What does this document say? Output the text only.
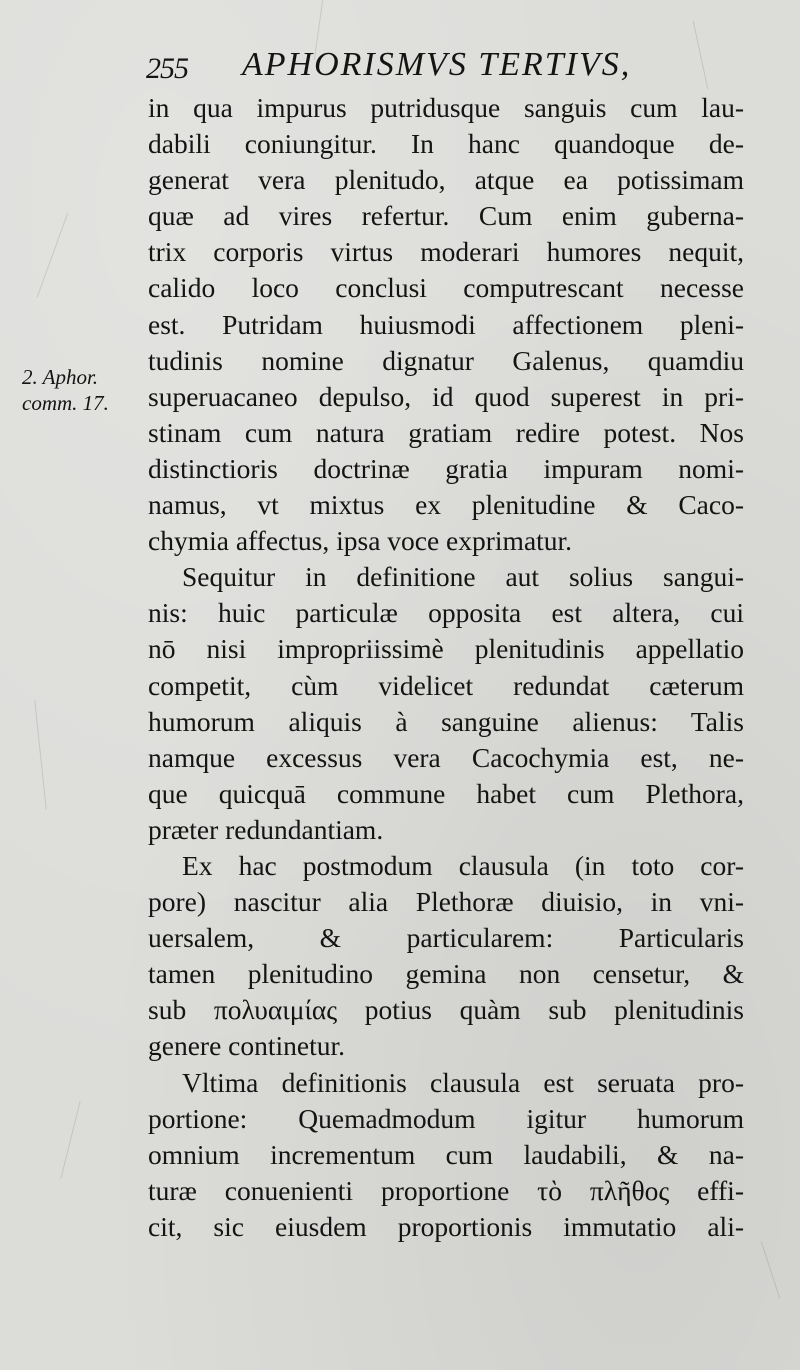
255 APHORISMVS TERTIVS,
2. Aphor.
comm. 17.
in qua impurus putridusque sanguis cum lau-
dabili coniungitur. In hanc quandoque de-
generat vera plenitudo, atque ea potissimam
quæ ad vires refertur. Cum enim guberna-
trix corporis virtus moderari humores nequit,
calido loco conclusi computrescant necesse
est. Putridam huiusmodi affectionem pleni-
tudinis nomine dignatur Galenus, quamdiu
superuacaneo depulso, id quod superest in pri-
stinam cum natura gratiam redire potest. Nos
distinctioris doctrinæ gratia impuram nomi-
namus, vt mixtus ex plenitudine & Caco-
chymia affectus, ipsa voce exprimatur.
Sequitur in definitione aut solius sangui-
nis: huic particulæ opposita est altera, cui
nō nisi impropriissimè plenitudinis appellatio
competit, cùm videlicet redundat cæterum
humorum aliquis à sanguine alienus: Talis
namque excessus vera Cacochymia est, ne-
que quicquā commune habet cum Plethora,
præter redundantiam.
Ex hac postmodum clausula (in toto cor-
pore) nascitur alia Plethoræ diuisio, in vni-
uersalem, & particularem: Particularis
tamen plenitudino gemina non censetur, &
sub πολυαιμίας potius quàm sub plenitudinis
genere continetur.
Vltima definitionis clausula est seruata pro-
portione: Quemadmodum igitur humorum
omnium incrementum cum laudabili, & na-
turæ conuenienti proportione τὸ πλῆθος effi-
cit, sic eiusdem proportionis immutatio ali-
